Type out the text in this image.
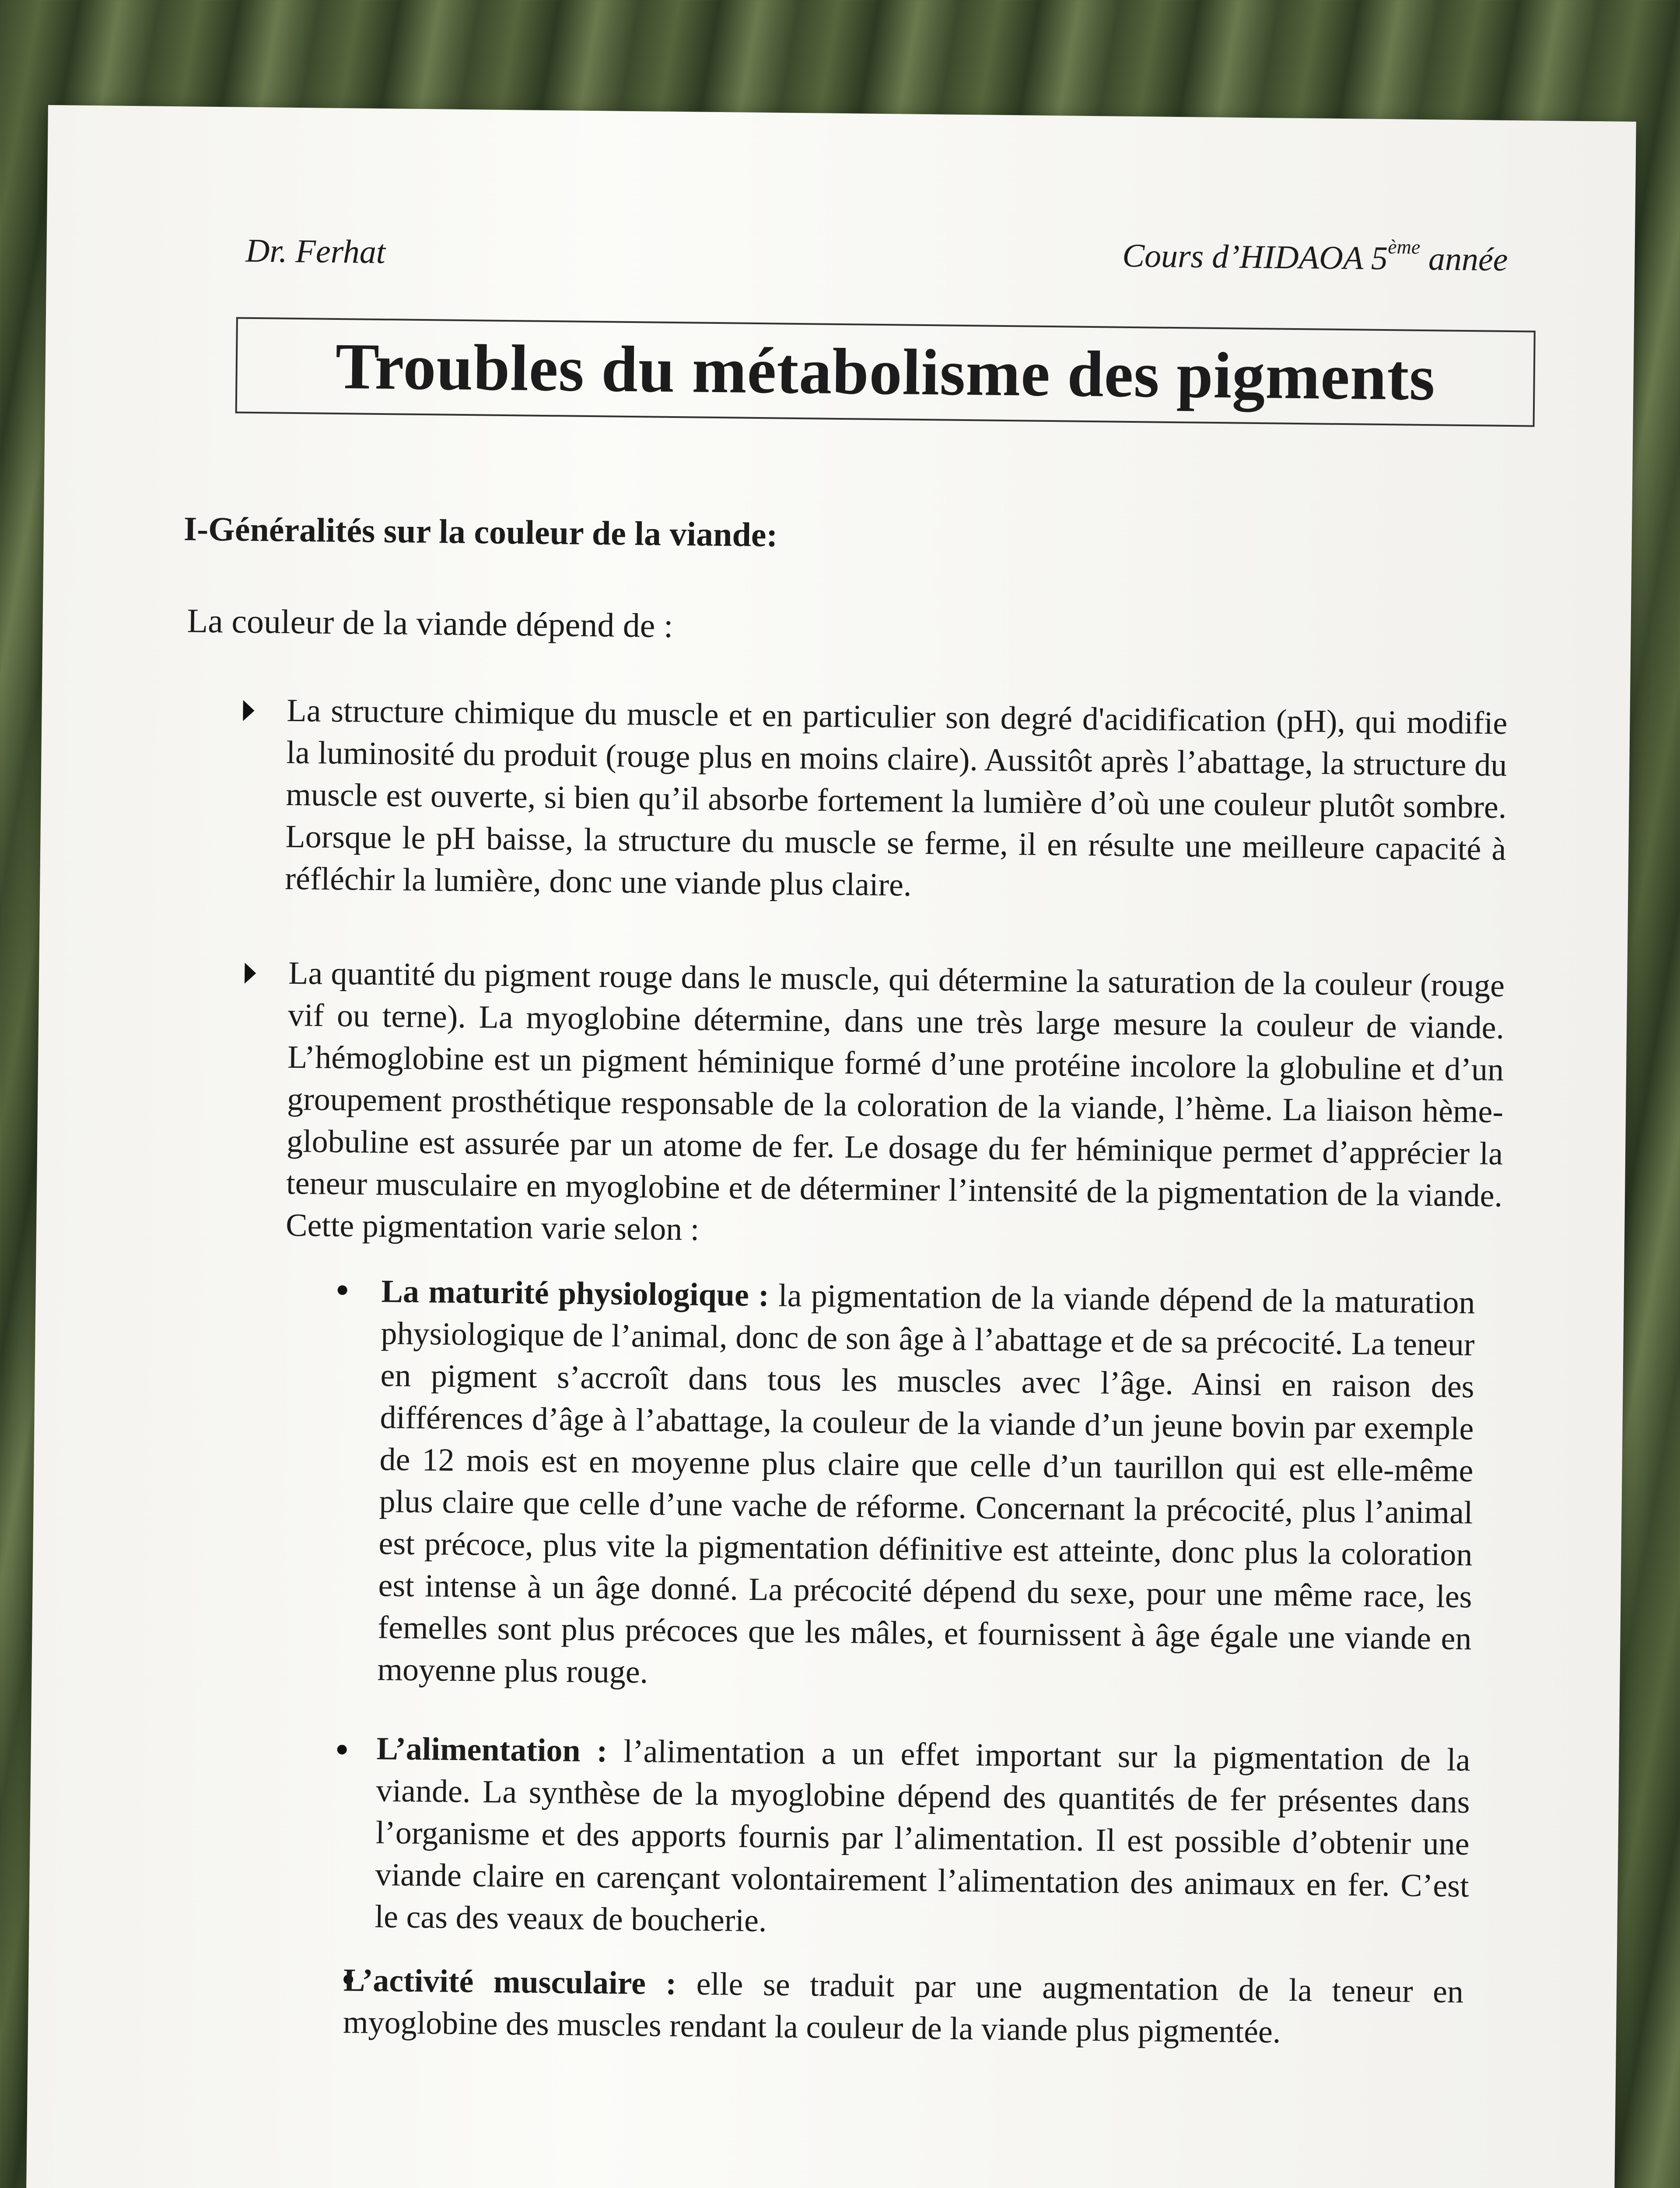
Dr. Ferhat	Cours d’HIDAOA 5ème année
Troubles du métabolisme des pigments
I-Généralités sur la couleur de la viande:
La couleur de la viande dépend de :
La structure chimique du muscle et en particulier son degré d'acidification (pH), qui modifie la luminosité du produit (rouge plus en moins claire). Aussitôt après l’abattage, la structure du muscle est ouverte, si bien qu’il absorbe fortement la lumière d’où une couleur plutôt sombre. Lorsque le pH baisse, la structure du muscle se ferme, il en résulte une meilleure capacité à réfléchir la lumière, donc une viande plus claire.
La quantité du pigment rouge dans le muscle, qui détermine la saturation de la couleur (rouge vif ou terne). La myoglobine détermine, dans une très large mesure la couleur de viande. L’hémoglobine est un pigment héminique formé d’une protéine incolore la globuline et d’un groupement prosthétique responsable de la coloration de la viande, l’hème. La liaison hème-globuline est assurée par un atome de fer. Le dosage du fer héminique permet d’apprécier la teneur musculaire en myoglobine et de déterminer l’intensité de la pigmentation de la viande. Cette pigmentation varie selon :
La maturité physiologique : la pigmentation de la viande dépend de la maturation physiologique de l’animal, donc de son âge à l’abattage et de sa précocité. La teneur en pigment s’accroît dans tous les muscles avec l’âge. Ainsi en raison des différences d’âge à l’abattage, la couleur de la viande d’un jeune bovin par exemple de 12 mois est en moyenne plus claire que celle d’un taurillon qui est elle-même plus claire que celle d’une vache de réforme. Concernant la précocité, plus l’animal est précoce, plus vite la pigmentation définitive est atteinte, donc plus la coloration est intense à un âge donné. La précocité dépend du sexe, pour une même race, les femelles sont plus précoces que les mâles, et fournissent à âge égale une viande en moyenne plus rouge.
L’alimentation : l’alimentation a un effet important sur la pigmentation de la viande. La synthèse de la myoglobine dépend des quantités de fer présentes dans l’organisme et des apports fournis par l’alimentation. Il est possible d’obtenir une viande claire en carençant volontairement l’alimentation des animaux en fer. C’est le cas des veaux de boucherie.
L’activité musculaire : elle se traduit par une augmentation de la teneur en myoglobine des muscles rendant la couleur de la viande plus pigmentée.
